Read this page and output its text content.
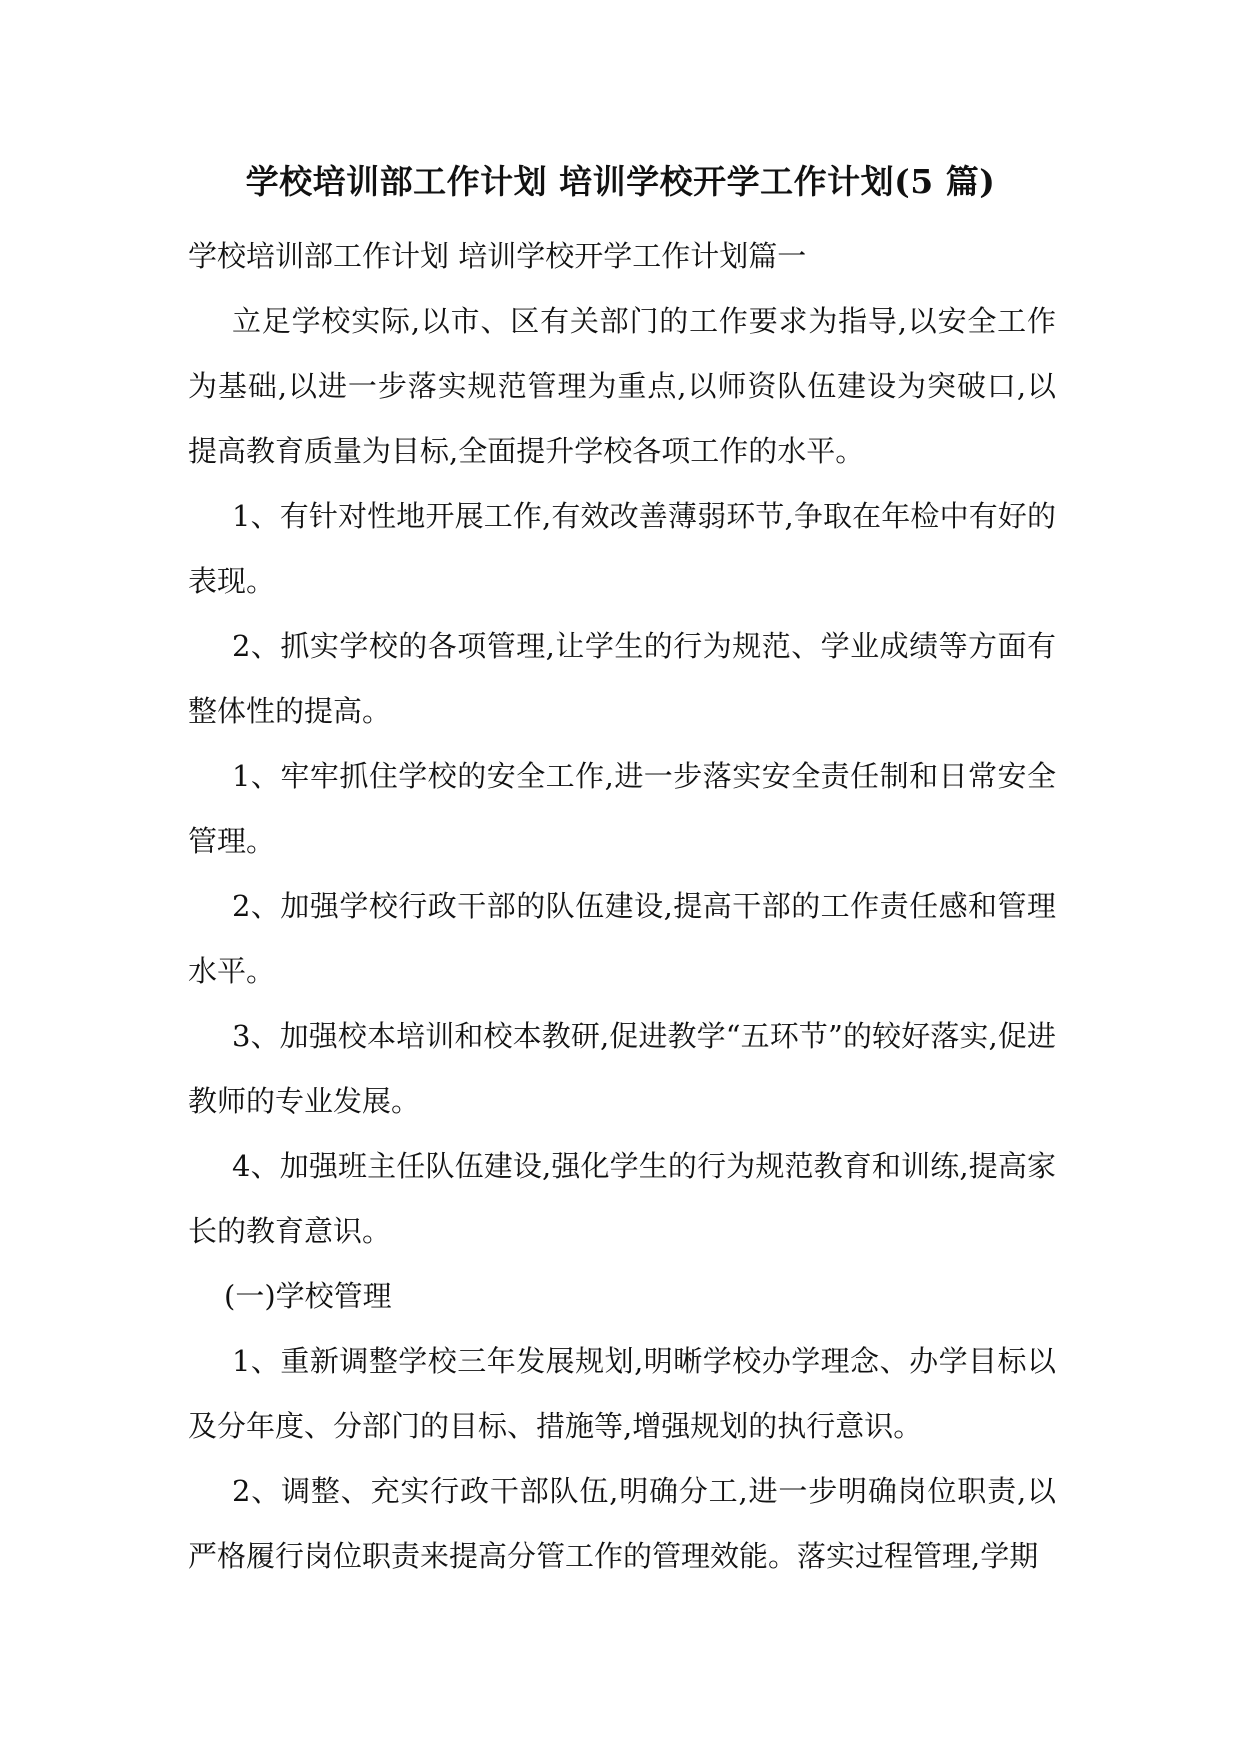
学校培训部工作计划 培训学校开学工作计划(5 篇)

学校培训部工作计划 培训学校开学工作计划篇一

立足学校实际,以市、区有关部门的工作要求为指导,以安全工作为基础,以进一步落实规范管理为重点,以师资队伍建设为突破口,以提高教育质量为目标,全面提升学校各项工作的水平。

1、有针对性地开展工作,有效改善薄弱环节,争取在年检中有好的表现。

2、抓实学校的各项管理,让学生的行为规范、学业成绩等方面有整体性的提高。

1、牢牢抓住学校的安全工作,进一步落实安全责任制和日常安全管理。

2、加强学校行政干部的队伍建设,提高干部的工作责任感和管理水平。

3、加强校本培训和校本教研,促进教学“五环节”的较好落实,促进教师的专业发展。

4、加强班主任队伍建设,强化学生的行为规范教育和训练,提高家长的教育意识。

(一)学校管理

1、重新调整学校三年发展规划,明晰学校办学理念、办学目标以及分年度、分部门的目标、措施等,增强规划的执行意识。

2、调整、充实行政干部队伍,明确分工,进一步明确岗位职责,以严格履行岗位职责来提高分管工作的管理效能。落实过程管理,学期
